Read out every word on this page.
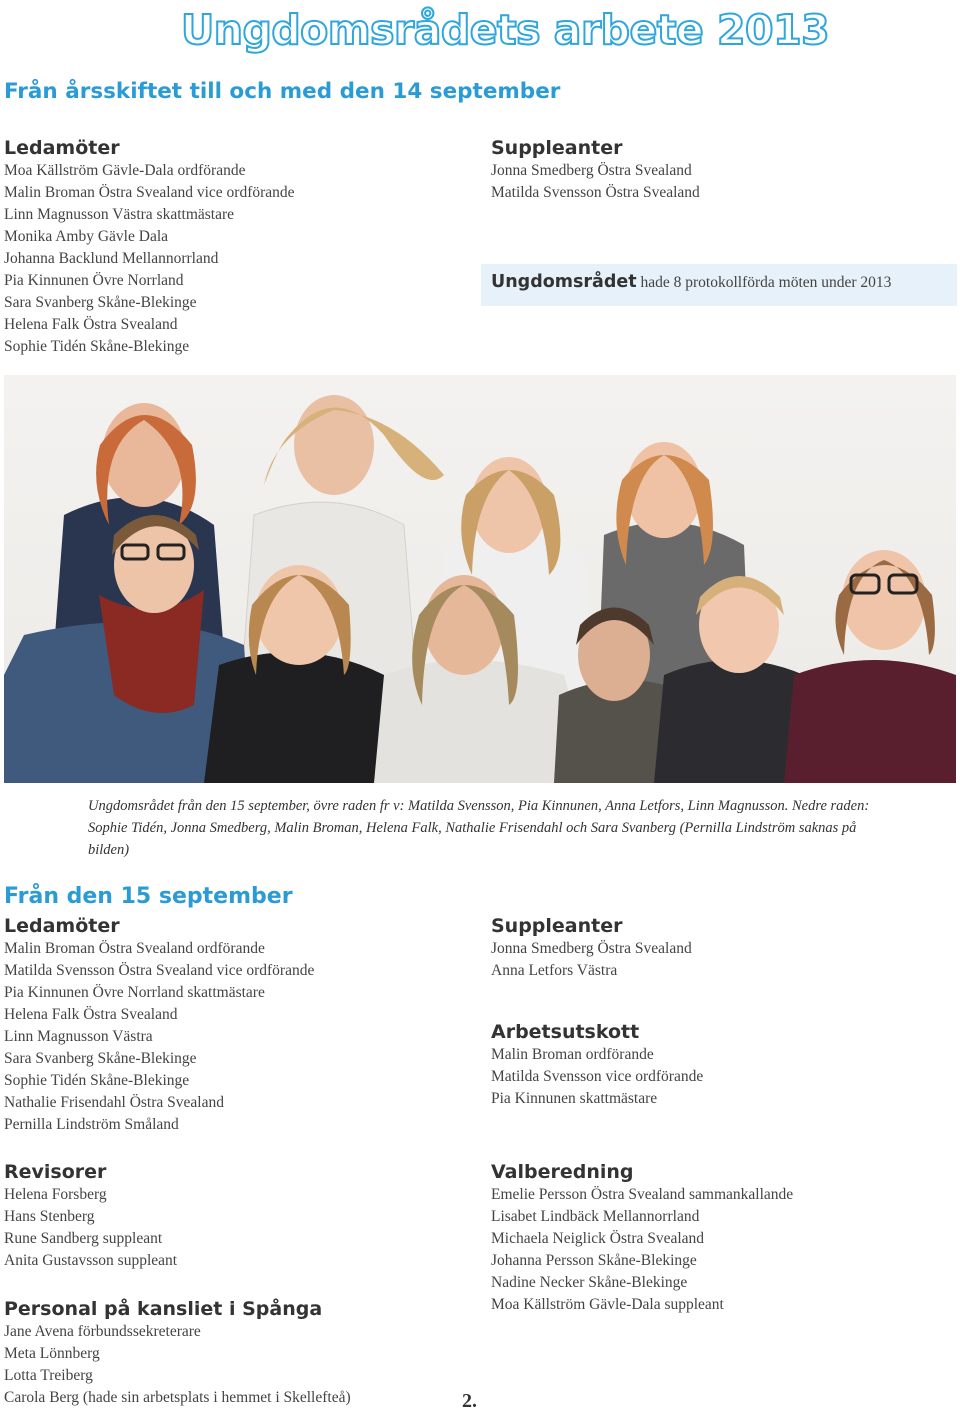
Ungdomsrådets arbete 2013
Från årsskiftet till och med den 14 september
Ledamöter
Moa Källström Gävle-Dala ordförande
Malin Broman Östra Svealand vice ordförande
Linn Magnusson Västra skattmästare
Monika Amby Gävle Dala
Johanna Backlund Mellannorrland
Pia Kinnunen Övre Norrland
Sara Svanberg Skåne-Blekinge
Helena Falk Östra Svealand
Sophie Tidén Skåne-Blekinge
Suppleanter
Jonna Smedberg Östra Svealand
Matilda Svensson Östra Svealand
Ungdomsrådet hade 8 protokollförda möten under 2013
Ungdomsrådet från den 15 september, övre raden fr v: Matilda Svensson, Pia Kinnunen, Anna Letfors, Linn Magnusson. Nedre raden: Sophie Tidén, Jonna Smedberg, Malin Broman, Helena Falk, Nathalie Frisendahl och Sara Svanberg (Pernilla Lindström saknas på bilden)
Från den 15 september
Ledamöter
Malin Broman Östra Svealand ordförande
Matilda Svensson Östra Svealand vice ordförande
Pia Kinnunen Övre Norrland skattmästare
Helena Falk Östra Svealand
Linn Magnusson Västra
Sara Svanberg Skåne-Blekinge
Sophie Tidén Skåne-Blekinge
Nathalie Frisendahl Östra Svealand
Pernilla Lindström Småland
Suppleanter
Jonna Smedberg Östra Svealand
Anna Letfors Västra
Arbetsutskott
Malin Broman ordförande
Matilda Svensson vice ordförande
Pia Kinnunen skattmästare
Revisorer
Helena Forsberg
Hans Stenberg
Rune Sandberg suppleant
Anita Gustavsson suppleant
Valberedning
Emelie Persson Östra Svealand sammankallande
Lisabet Lindbäck Mellannorrland
Michaela Neiglick Östra Svealand
Johanna Persson Skåne-Blekinge
Nadine Necker Skåne-Blekinge
Moa Källström Gävle-Dala suppleant
Personal på kansliet i Spånga
Jane Avena förbundssekreterare
Meta Lönnberg
Lotta Treiberg
Carola Berg (hade sin arbetsplats i hemmet i Skellefteå)	2.
